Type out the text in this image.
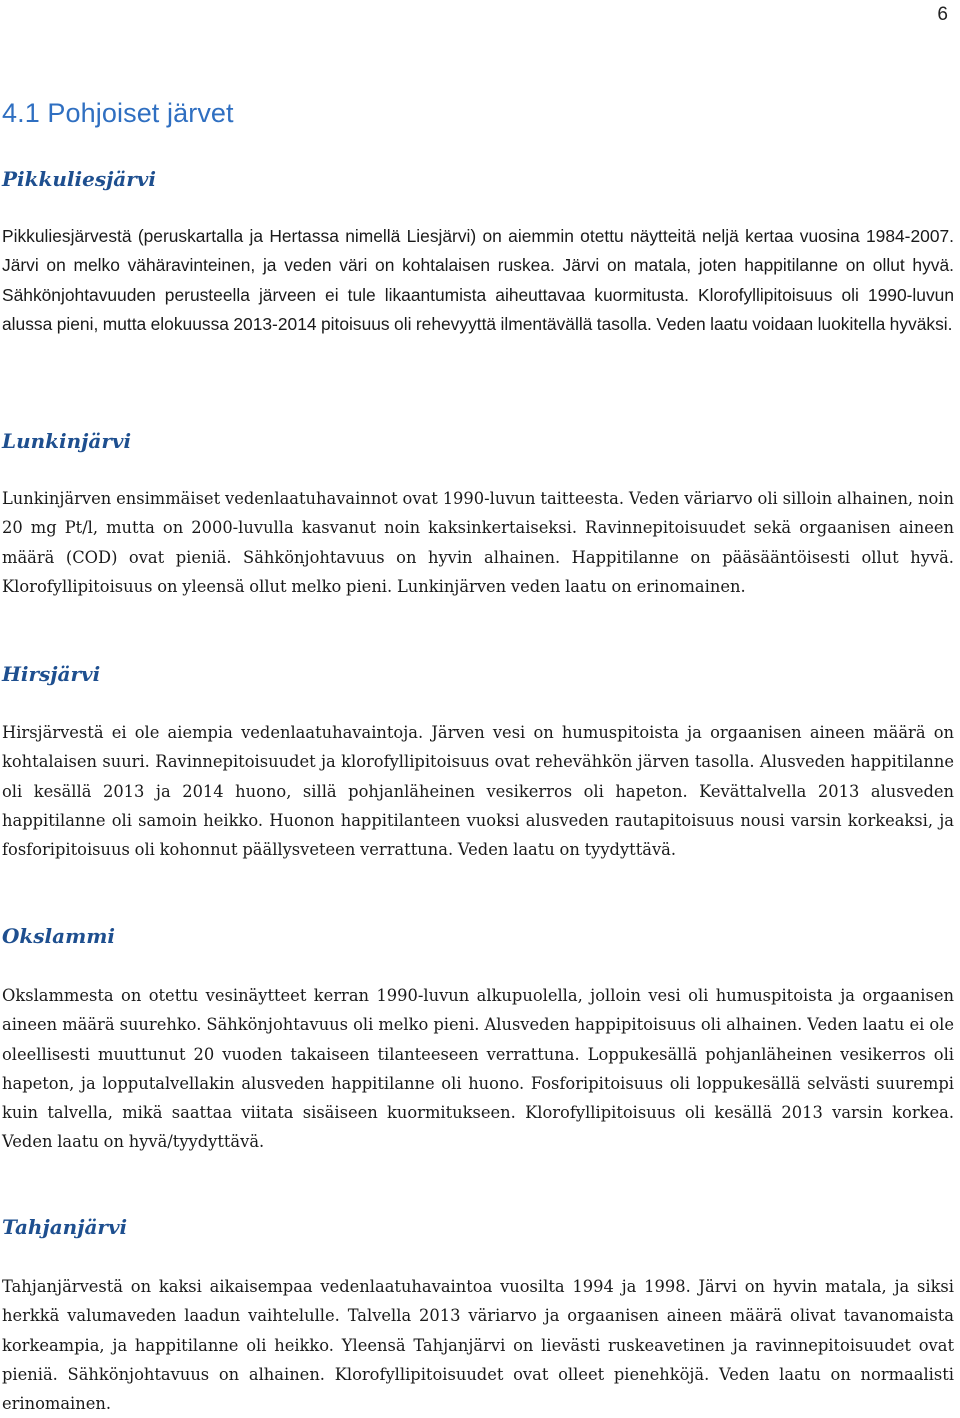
6
4.1 Pohjoiset järvet
Pikkuliesjärvi

Pikkuliesjärvestä (peruskartalla ja Hertassa nimellä Liesjärvi) on aiemmin otettu näytteitä neljä kertaa vuosina 1984-2007. Järvi on melko vähäravinteinen, ja veden väri on kohtalaisen ruskea. Järvi on matala, joten happitilanne on ollut hyvä. Sähkönjohtavuuden perusteella järveen ei tule likaantumista aiheuttavaa kuormitusta. Klorofyllipitoisuus oli 1990-luvun alussa pieni, mutta elokuussa 2013-2014 pitoisuus oli rehevyyttä ilmentävällä tasolla. Veden laatu voidaan luokitella hyväksi.

Lunkinjärvi

Lunkinjärven ensimmäiset vedenlaatuhavainnot ovat 1990-luvun taitteesta. Veden väriarvo oli silloin alhainen, noin 20 mg Pt/l, mutta on 2000-luvulla kasvanut noin kaksinkertaiseksi. Ravinnepitoisuudet sekä orgaanisen aineen määrä (COD) ovat pieniä. Sähkönjohtavuus on hyvin alhainen. Happitilanne on pääsääntöisesti ollut hyvä. Klorofyllipitoisuus on yleensä ollut melko pieni. Lunkinjärven veden laatu on erinomainen.

Hirsjärvi

Hirsjärvestä ei ole aiempia vedenlaatuhavaintoja. Järven vesi on humuspitoista ja orgaanisen aineen määrä on kohtalaisen suuri. Ravinnepitoisuudet ja klorofyllipitoisuus ovat rehevähkön järven tasolla. Alusveden happitilanne oli kesällä 2013 ja 2014 huono, sillä pohjanläheinen vesikerros oli hapeton. Kevättalvella 2013 alusveden happitilanne oli samoin heikko. Huonon happitilanteen vuoksi alusveden rautapitoisuus nousi varsin korkeaksi, ja fosforipitoisuus oli kohonnut päällysveteen verrattuna. Veden laatu on tyydyttävä.

Okslammi

Okslammesta on otettu vesinäytteet kerran 1990-luvun alkupuolella, jolloin vesi oli humuspitoista ja orgaanisen aineen määrä suurehko. Sähkönjohtavuus oli melko pieni. Alusveden happipitoisuus oli alhainen. Veden laatu ei ole oleellisesti muuttunut 20 vuoden takaiseen tilanteeseen verrattuna. Loppukesällä pohjanläheinen vesikerros oli hapeton, ja lopputalvellakin alusveden happitilanne oli huono. Fosforipitoisuus oli loppukesällä selvästi suurempi kuin talvella, mikä saattaa viitata sisäiseen kuormitukseen. Klorofyllipitoisuus oli kesällä 2013 varsin korkea. Veden laatu on hyvä/tyydyttävä.

Tahjanjärvi

Tahjanjärvestä on kaksi aikaisempaa vedenlaatuhavaintoa vuosilta 1994 ja 1998. Järvi on hyvin matala, ja siksi herkkä valumaveden laadun vaihtelulle. Talvella 2013 väriarvo ja orgaanisen aineen määrä olivat tavanomaista korkeampia, ja happitilanne oli heikko. Yleensä Tahjanjärvi on lievästi ruskeavetinen ja ravinnepitoisuudet ovat pieniä. Sähkönjohtavuus on alhainen. Klorofyllipitoisuudet ovat olleet pienehköjä. Veden laatu on normaalisti erinomainen.
